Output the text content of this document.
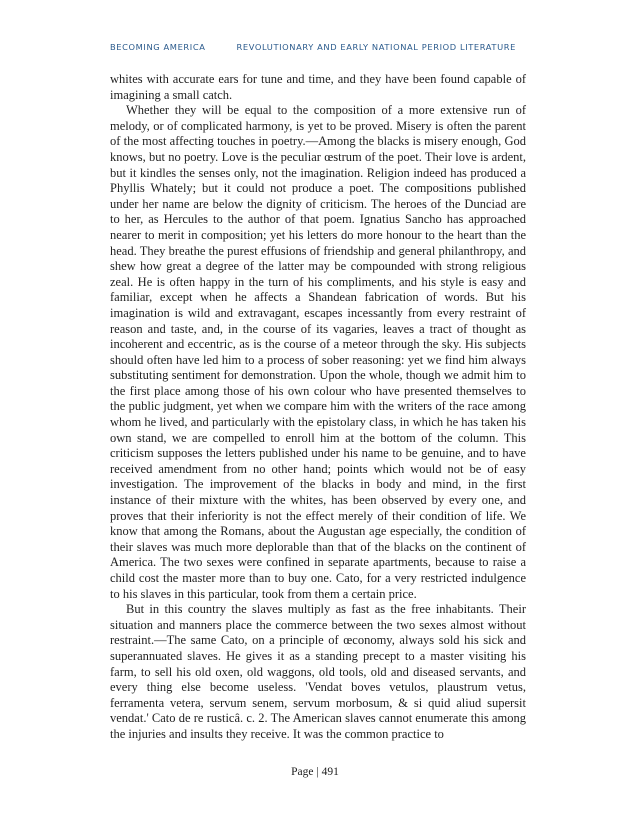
BECOMING AMERICA	REVOLUTIONARY AND EARLY NATIONAL PERIOD LITERATURE

whites with accurate ears for tune and time, and they have been found capable of imagining a small catch.

Whether they will be equal to the composition of a more extensive run of melody, or of complicated harmony, is yet to be proved. Misery is often the parent of the most affecting touches in poetry.—Among the blacks is misery enough, God knows, but no poetry. Love is the peculiar œstrum of the poet. Their love is ardent, but it kindles the senses only, not the imagination. Religion indeed has produced a Phyllis Whately; but it could not produce a poet. The compositions published under her name are below the dignity of criticism. The heroes of the Dunciad are to her, as Hercules to the author of that poem. Ignatius Sancho has approached nearer to merit in composition; yet his letters do more honour to the heart than the head. They breathe the purest effusions of friendship and general philanthropy, and shew how great a degree of the latter may be compounded with strong religious zeal. He is often happy in the turn of his compliments, and his style is easy and familiar, except when he affects a Shandean fabrication of words. But his imagination is wild and extravagant, escapes incessantly from every restraint of reason and taste, and, in the course of its vagaries, leaves a tract of thought as incoherent and eccentric, as is the course of a meteor through the sky. His subjects should often have led him to a process of sober reasoning: yet we find him always substituting sentiment for demonstration. Upon the whole, though we admit him to the first place among those of his own colour who have presented themselves to the public judgment, yet when we compare him with the writers of the race among whom he lived, and particularly with the epistolary class, in which he has taken his own stand, we are compelled to enroll him at the bottom of the column. This criticism supposes the letters published under his name to be genuine, and to have received amendment from no other hand; points which would not be of easy investigation. The improvement of the blacks in body and mind, in the first instance of their mixture with the whites, has been observed by every one, and proves that their inferiority is not the effect merely of their condition of life. We know that among the Romans, about the Augustan age especially, the condition of their slaves was much more deplorable than that of the blacks on the continent of America. The two sexes were confined in separate apartments, because to raise a child cost the master more than to buy one. Cato, for a very restricted indulgence to his slaves in this particular, took from them a certain price.

But in this country the slaves multiply as fast as the free inhabitants. Their situation and manners place the commerce between the two sexes almost without restraint.—The same Cato, on a principle of œconomy, always sold his sick and superannuated slaves. He gives it as a standing precept to a master visiting his farm, to sell his old oxen, old waggons, old tools, old and diseased servants, and every thing else become useless. 'Vendat boves vetulos, plaustrum vetus, ferramenta vetera, servum senem, servum morbosum, & si quid aliud supersit vendat.' Cato de re rusticâ. c. 2. The American slaves cannot enumerate this among the injuries and insults they receive. It was the common practice to

Page | 491
